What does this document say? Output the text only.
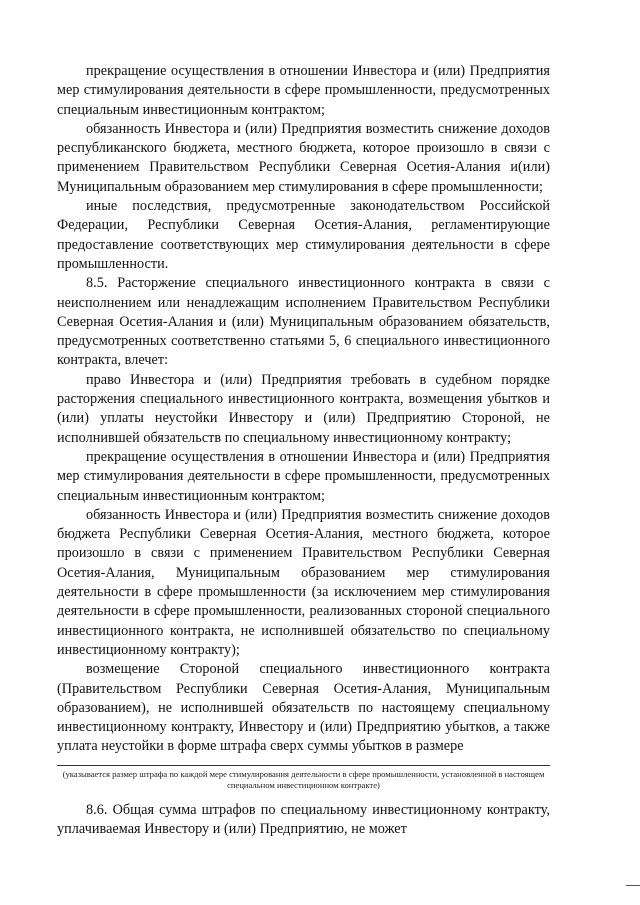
прекращение осуществления в отношении Инвестора и (или) Предприятия мер стимулирования деятельности в сфере промышленности, предусмотренных специальным инвестиционным контрактом;

обязанность Инвестора и (или) Предприятия возместить снижение доходов республиканского бюджета, местного бюджета, которое произошло в связи с применением Правительством Республики Северная Осетия-Алания и(или) Муниципальным образованием мер стимулирования в сфере промышленности;

иные последствия, предусмотренные законодательством Российской Федерации, Республики Северная Осетия-Алания, регламентирующие предоставление соответствующих мер стимулирования деятельности в сфере промышленности.

8.5. Расторжение специального инвестиционного контракта в связи с неисполнением или ненадлежащим исполнением Правительством Республики Северная Осетия-Алания и (или) Муниципальным образованием обязательств, предусмотренных соответственно статьями 5, 6 специального инвестиционного контракта, влечет:

право Инвестора и (или) Предприятия требовать в судебном порядке расторжения специального инвестиционного контракта, возмещения убытков и (или) уплаты неустойки Инвестору и (или) Предприятию Стороной, не исполнившей обязательств по специальному инвестиционному контракту;

прекращение осуществления в отношении Инвестора и (или) Предприятия мер стимулирования деятельности в сфере промышленности, предусмотренных специальным инвестиционным контрактом;

обязанность Инвестора и (или) Предприятия возместить снижение доходов бюджета Республики Северная Осетия-Алания, местного бюджета, которое произошло в связи с применением Правительством Республики Северная Осетия-Алания, Муниципальным образованием мер стимулирования деятельности в сфере промышленности (за исключением мер стимулирования деятельности в сфере промышленности, реализованных стороной специального инвестиционного контракта, не исполнившей обязательство по специальному инвестиционному контракту);

возмещение Стороной специального инвестиционного контракта (Правительством Республики Северная Осетия-Алания, Муниципальным образованием), не исполнившей обязательств по настоящему специальному инвестиционному контракту, Инвестору и (или) Предприятию убытков, а также уплата неустойки в форме штрафа сверх суммы убытков в размере

(указывается размер штрафа по каждой мере стимулирования деятельности в сфере промышленности, установленной в настоящем специальном инвестиционном контракте)

8.6. Общая сумма штрафов по специальному инвестиционному контракту, уплачиваемая Инвестору и (или) Предприятию, не может
